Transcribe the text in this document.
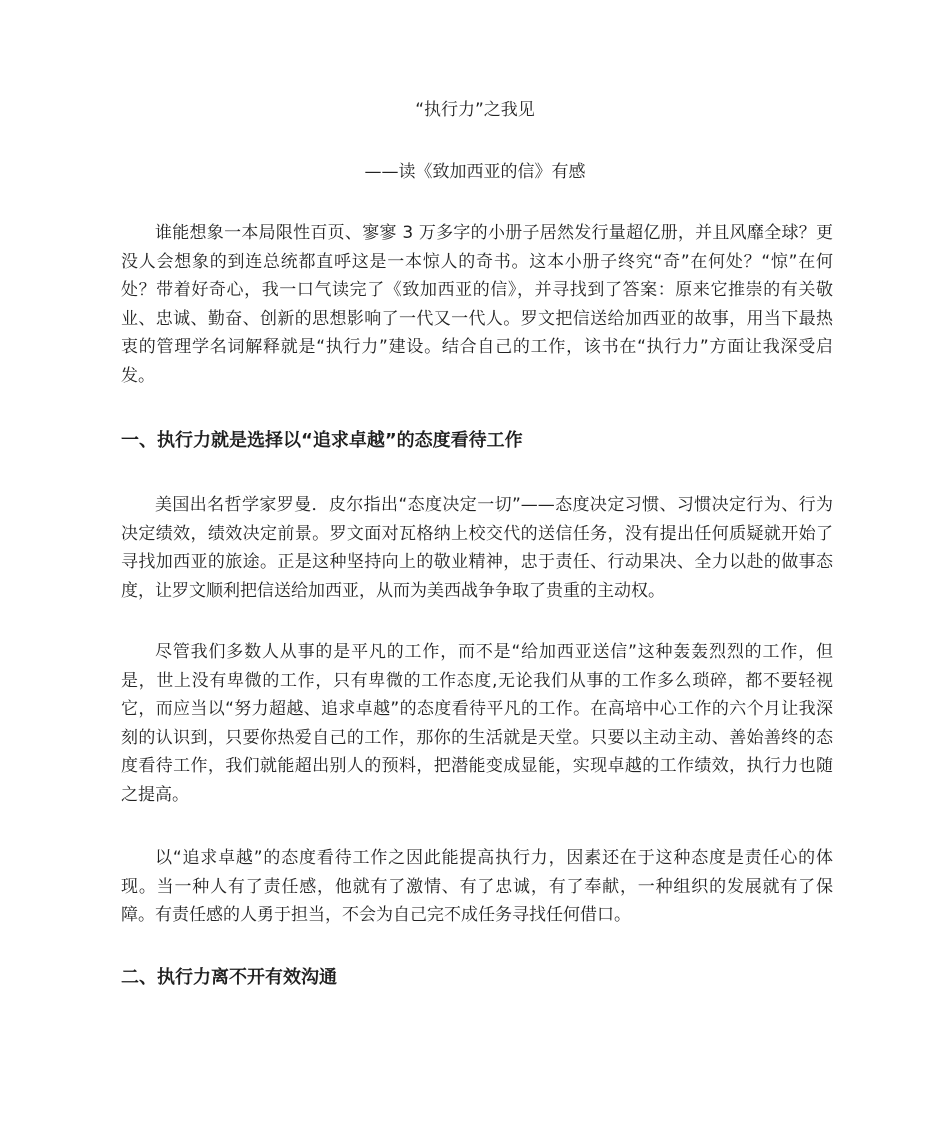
“执行力”之我见
——读《致加西亚的信》有感

谁能想象一本局限性百页、寥寥 3 万多字的小册子居然发行量超亿册，并且风靡全球？更没人会想象的到连总统都直呼这是一本惊人的奇书。这本小册子终究“奇”在何处？“惊”在何处？带着好奇心，我一口气读完了《致加西亚的信》，并寻找到了答案：原来它推崇的有关敬业、忠诚、勤奋、创新的思想影响了一代又一代人。罗文把信送给加西亚的故事，用当下最热衷的管理学名词解释就是“执行力”建设。结合自己的工作，该书在“执行力”方面让我深受启发。

一、执行力就是选择以“追求卓越”的态度看待工作

美国出名哲学家罗曼．皮尔指出“态度决定一切”——态度决定习惯、习惯决定行为、行为决定绩效，绩效决定前景。罗文面对瓦格纳上校交代的送信任务，没有提出任何质疑就开始了寻找加西亚的旅途。正是这种坚持向上的敬业精神，忠于责任、行动果决、全力以赴的做事态度，让罗文顺利把信送给加西亚，从而为美西战争争取了贵重的主动权。

尽管我们多数人从事的是平凡的工作，而不是“给加西亚送信”这种轰轰烈烈的工作，但是，世上没有卑微的工作，只有卑微的工作态度,无论我们从事的工作多么琐碎，都不要轻视它，而应当以“努力超越、追求卓越”的态度看待平凡的工作。在高培中心工作的六个月让我深刻的认识到，只要你热爱自己的工作，那你的生活就是天堂。只要以主动主动、善始善终的态度看待工作，我们就能超出别人的预料，把潜能变成显能，实现卓越的工作绩效，执行力也随之提高。

以“追求卓越”的态度看待工作之因此能提高执行力，因素还在于这种态度是责任心的体现。当一种人有了责任感，他就有了激情、有了忠诚，有了奉献，一种组织的发展就有了保障。有责任感的人勇于担当，不会为自己完不成任务寻找任何借口。

二、执行力离不开有效沟通
